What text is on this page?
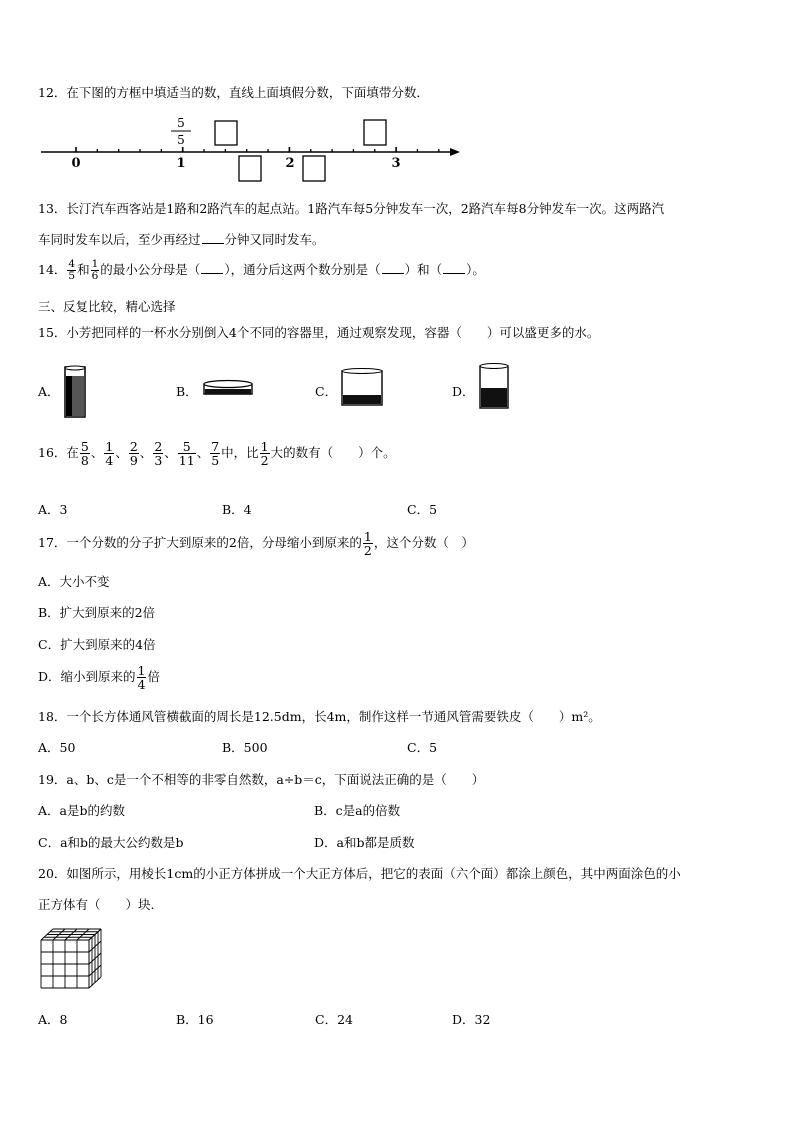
12．在下图的方框中填适当的数，直线上面填假分数，下面填带分数．
5
5
0	1	2	3
13．长汀汽车西客站是1路和2路汽车的起点站。1路汽车每5分钟发车一次，2路汽车每8分钟发车一次。这两路汽
车同时发车以后，至少再经过 分钟又同时发车。
14． $\frac{4}{5}$ 和 $\frac{1}{6}$ 的最小公分母是（ ），通分后这两个数分别是（ ）和（ ）。
三、反复比较，精心选择
15．小芳把同样的一杯水分别倒入4个不同的容器里，通过观察发现，容器（　　）可以盛更多的水。
A．	B．	C．	D．
16．在 $\frac{5}{8}$ 、 $\frac{1}{4}$ 、 $\frac{2}{9}$ 、 $\frac{2}{3}$ 、 $\frac{5}{11}$ 、 $\frac{7}{5}$ 中，比 $\frac{1}{2}$ 大的数有（　　）个。
A．3	B．4	C．5
17．一个分数的分子扩大到原来的2倍，分母缩小到原来的 $\frac{1}{2}$ ，这个分数（　）
A．大小不变
B．扩大到原来的2倍
C．扩大到原来的4倍
D．缩小到原来的 $\frac{1}{4}$ 倍
18．一个长方体通风管横截面的周长是12.5dm，长4m，制作这样一节通风管需要铁皮（　　）m²。
A．50	B．500	C．5
19．a、b、c是一个不相等的非零自然数，a÷b＝c，下面说法正确的是（　　）
A．a是b的约数	B．c是a的倍数
C．a和b的最大公约数是b	D．a和b都是质数
20．如图所示，用棱长1cm的小正方体拼成一个大正方体后，把它的表面（六个面）都涂上颜色，其中两面涂色的小
正方体有（　　）块.
A．8	B．16	C．24	D．32
